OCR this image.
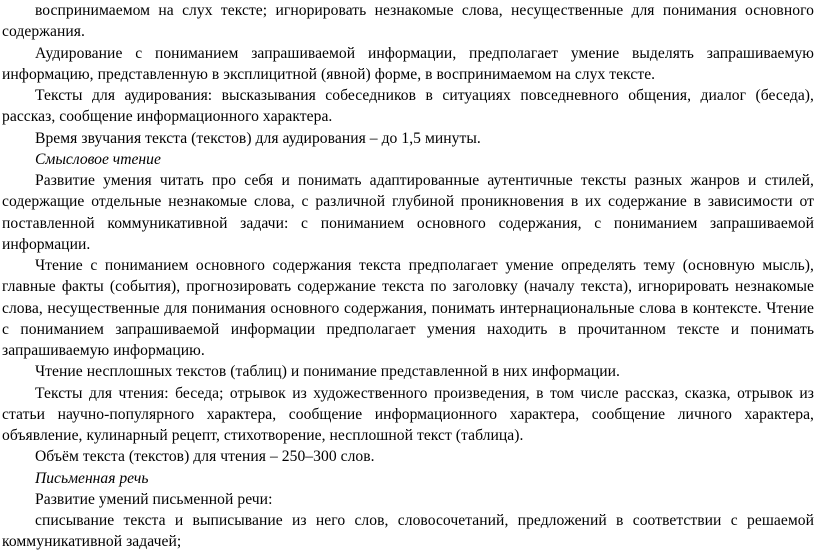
воспринимаемом на слух тексте; игнорировать незнакомые слова, несущественные для понимания основного содержания.

Аудирование с пониманием запрашиваемой информации, предполагает умение выделять запрашиваемую информацию, представленную в эксплицитной (явной) форме, в воспринимаемом на слух тексте.

Тексты для аудирования: высказывания собеседников в ситуациях повседневного общения, диалог (беседа), рассказ, сообщение информационного характера.

Время звучания текста (текстов) для аудирования – до 1,5 минуты.

Смысловое чтение

Развитие умения читать про себя и понимать адаптированные аутентичные тексты разных жанров и стилей, содержащие отдельные незнакомые слова, с различной глубиной проникновения в их содержание в зависимости от поставленной коммуникативной задачи: с пониманием основного содержания, с пониманием запрашиваемой информации.

Чтение с пониманием основного содержания текста предполагает умение определять тему (основную мысль), главные факты (события), прогнозировать содержание текста по заголовку (началу текста), игнорировать незнакомые слова, несущественные для понимания основного содержания, понимать интернациональные слова в контексте. Чтение с пониманием запрашиваемой информации предполагает умения находить в прочитанном тексте и понимать запрашиваемую информацию.

Чтение несплошных текстов (таблиц) и понимание представленной в них информации.

Тексты для чтения: беседа; отрывок из художественного произведения, в том числе рассказ, сказка, отрывок из статьи научно-популярного характера, сообщение информационного характера, сообщение личного характера, объявление, кулинарный рецепт, стихотворение, несплошной текст (таблица).

Объём текста (текстов) для чтения – 250–300 слов.

Письменная речь

Развитие умений письменной речи:

списывание текста и выписывание из него слов, словосочетаний, предложений в соответствии с решаемой коммуникативной задачей;
